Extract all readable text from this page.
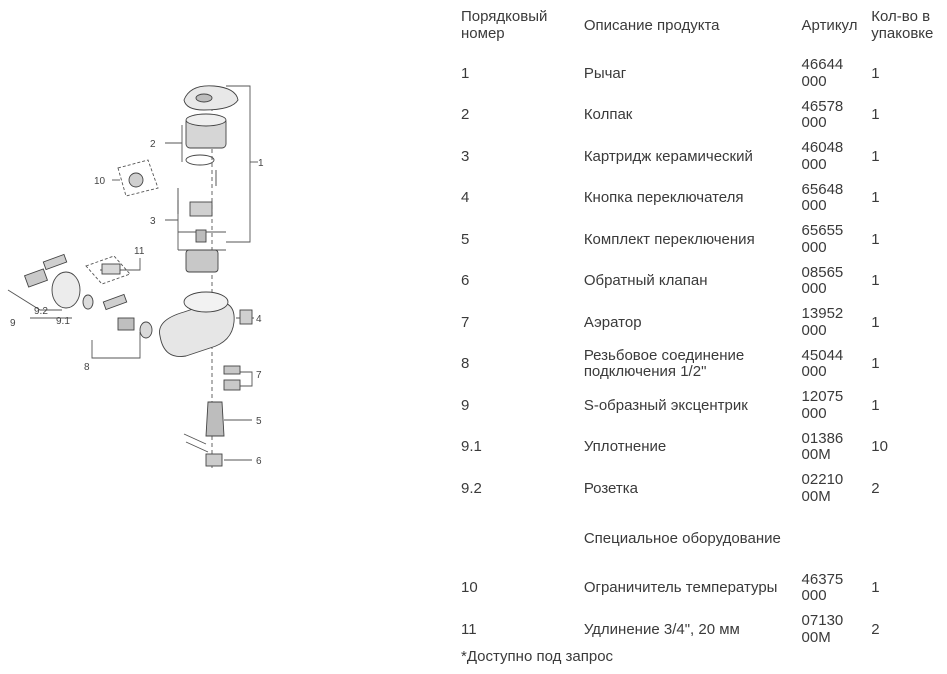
1
2
3
4
5
6
7
8
9	9.1
9.2
10
11
Порядковый номер	Описание продукта	Артикул	Кол-во в упаковке
1	Рычаг	46644 000	1
2	Колпак	46578 000	1
3	Картридж керамический	46048 000	1
4	Кнопка переключателя	65648 000	1
5	Комплект переключения	65655 000	1
6	Обратный клапан	08565 000	1
7	Аэратор	13952 000	1
8	Резьбовое соединение подключения 1/2"	45044 000	1
9	S-образный эксцентрик	12075 000	1
9.1	Уплотнение	01386 00M	10
9.2	Розетка	02210 00M	2

	Специальное оборудование		

10	Ограничитель температуры	46375 000	1
11	Удлинение 3/4", 20 мм	07130 00M	2
*Доступно под запрос
